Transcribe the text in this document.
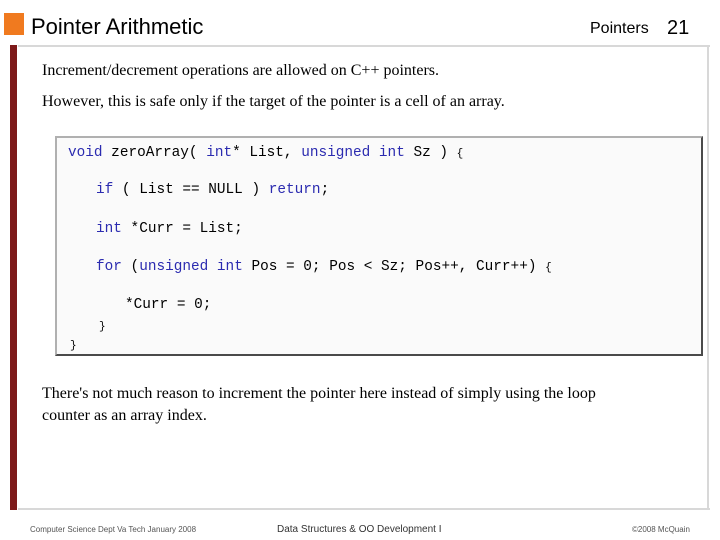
Pointer Arithmetic	Pointers 21
Increment/decrement operations are allowed on C++ pointers.
However, this is safe only if the target of the pointer is a cell of an array.
void zeroArray( int* List, unsigned int Sz ) {
if ( List == NULL ) return;
int *Curr = List;
for (unsigned int Pos = 0; Pos < Sz; Pos++, Curr++) {
*Curr = 0;
}
}
There's not much reason to increment the pointer here instead of simply using the loop
counter as an array index.
Computer Science Dept Va Tech January 2008	Data Structures & OO Development I	©2008 McQuain
